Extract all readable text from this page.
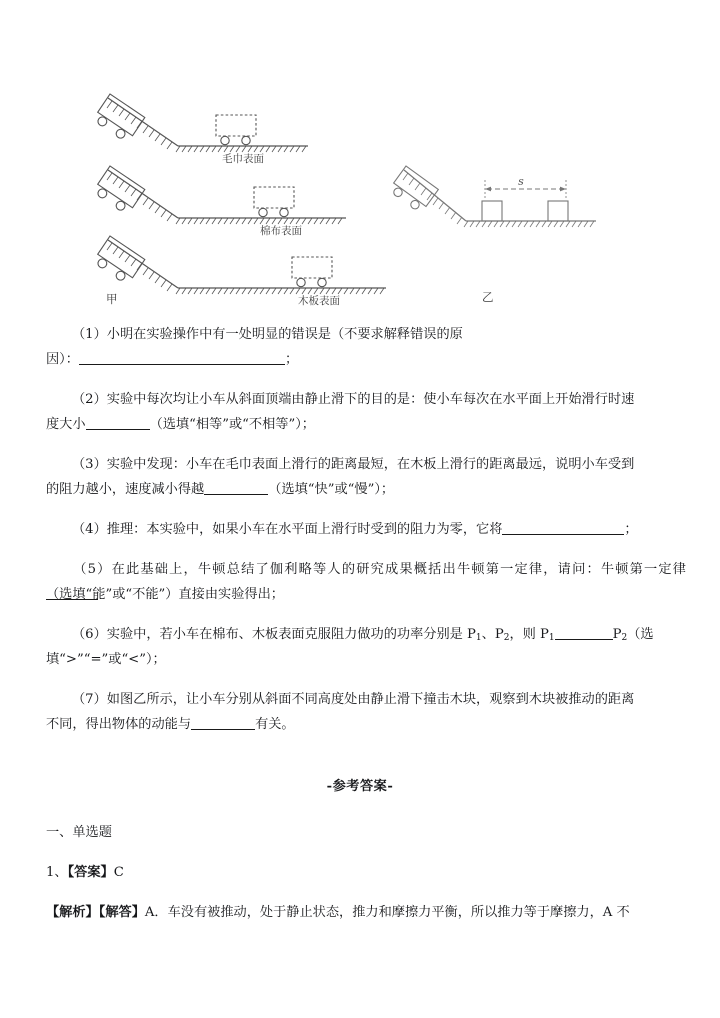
毛巾表面
棉布表面
木板表面
s
甲	乙
（1）小明在实验操作中有一处明显的错误是（不要求解释错误的原
因）：	；
（2）实验中每次均让小车从斜面顶端由静止滑下的目的是：使小车每次在水平面上开始滑行时速
度大小	（选填“相等”或“不相等”）；
（3）实验中发现：小车在毛巾表面上滑行的距离最短，在木板上滑行的距离最远，说明小车受到
的阻力越小，速度减小得越	（选填“快”或“慢”）；
（4）推理：本实验中，如果小车在水平面上滑行时受到的阻力为零，它将	；
（5）在此基础上，牛顿总结了伽利略等人的研究成果概括出牛顿第一定律，请问：牛顿第一定律
（选填“能”或“不能”）直接由实验得出；
（6）实验中，若小车在棉布、木板表面克服阻力做功的功率分别是 $P_1$、$P_2$，则 $P_1$	$P_2$（选
填“>”“=”或“<”）；
（7）如图乙所示，让小车分别从斜面不同高度处由静止滑下撞击木块，观察到木块被推动的距离
不同，得出物体的动能与	有关。
-参考答案-
一、单选题
1、【答案】C
【解析】【解答】A．车没有被推动，处于静止状态，推力和摩擦力平衡，所以推力等于摩擦力，A 不
